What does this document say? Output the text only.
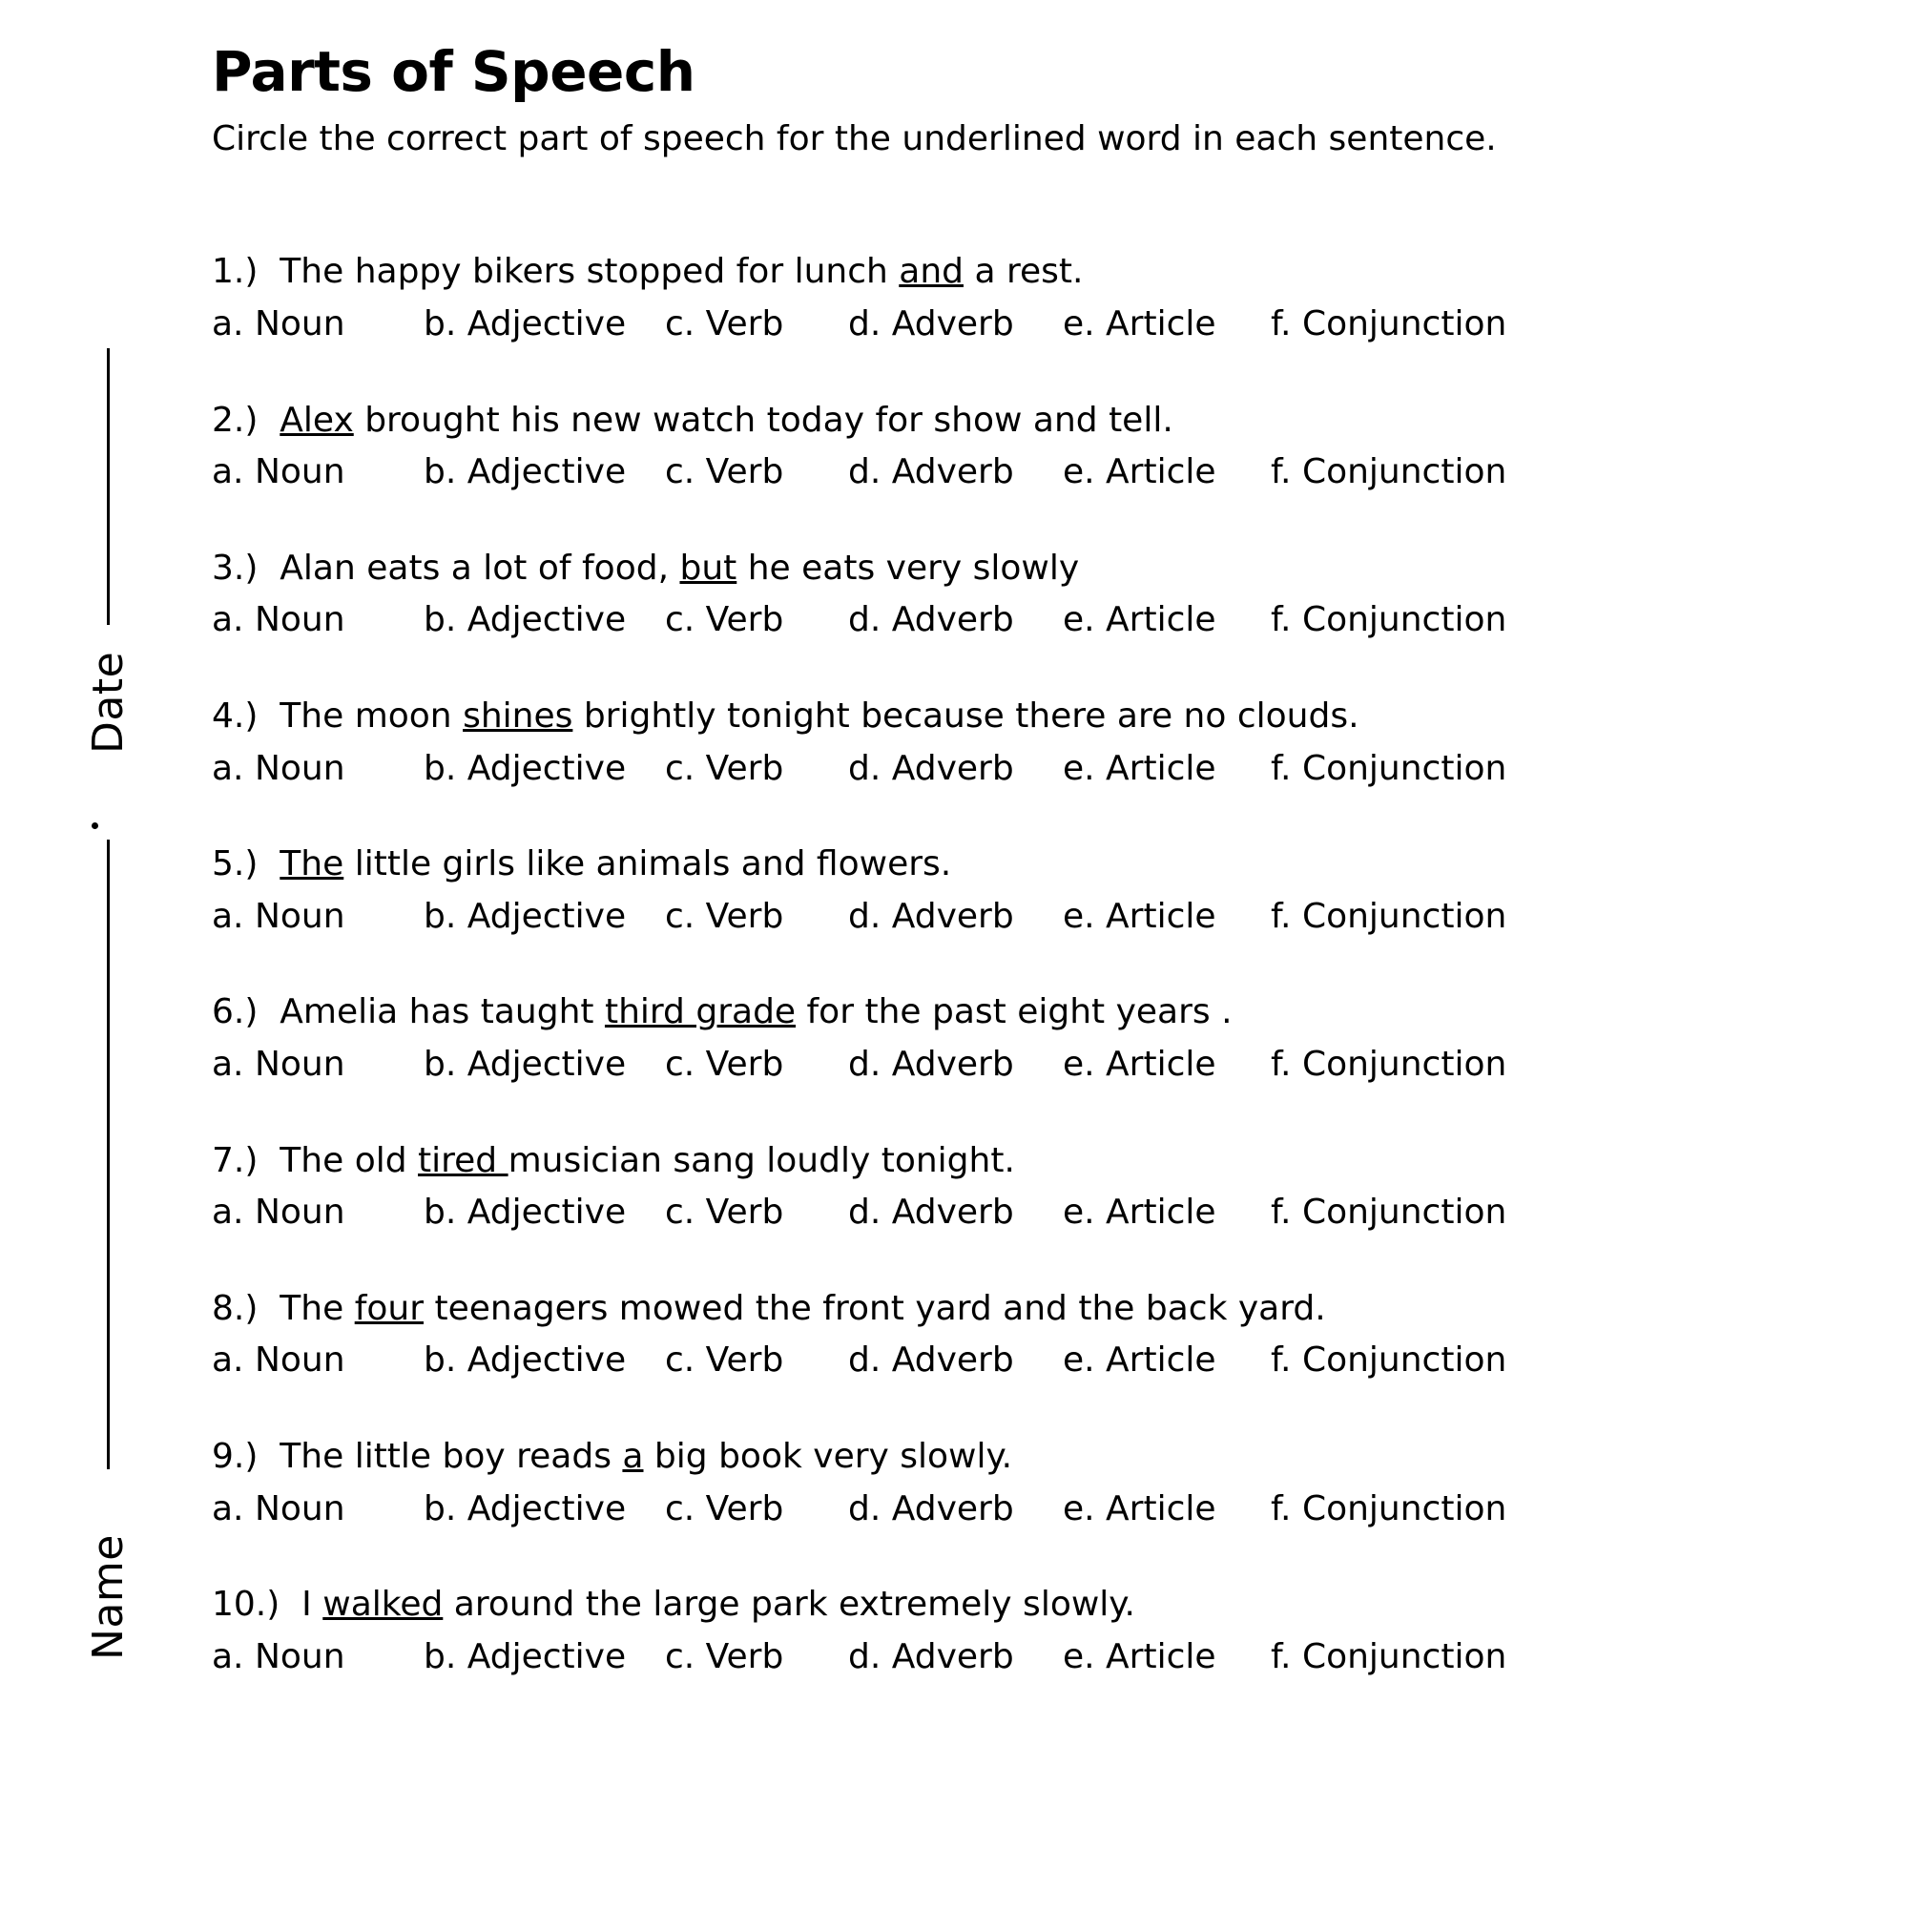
Date
Name
Parts of Speech

Circle the correct part of speech for the underlined word in each sentence.

1.)  The happy bikers stopped for lunch and a rest.
a. Noun	b. Adjective	c. Verb	d. Adverb	e. Article	f. Conjunction
2.) Alex brought his new watch today for show and tell.
a. Noun	b. Adjective	c. Verb	d. Adverb	e. Article	f. Conjunction
3.)  Alan eats a lot of food, but he eats very slowly
a. Noun	b. Adjective	c. Verb	d. Adverb	e. Article	f. Conjunction
4.)  The moon shines brightly tonight because there are no clouds.
a. Noun	b. Adjective	c. Verb	d. Adverb	e. Article	f. Conjunction
5.) The little girls like animals and flowers.
a. Noun	b. Adjective	c. Verb	d. Adverb	e. Article	f. Conjunction
6.)  Amelia has taught third grade for the past eight years .
a. Noun	b. Adjective	c. Verb	d. Adverb	e. Article	f. Conjunction
7.)  The old tired musician sang loudly tonight.
a. Noun	b. Adjective	c. Verb	d. Adverb	e. Article	f. Conjunction
8.)  The four teenagers mowed the front yard and the back yard.
a. Noun	b. Adjective	c. Verb	d. Adverb	e. Article	f. Conjunction
9.)  The little boy reads a big book very slowly.
a. Noun	b. Adjective	c. Verb	d. Adverb	e. Article	f. Conjunction
10.)  I walked around the large park extremely slowly.
a. Noun	b. Adjective	c. Verb	d. Adverb	e. Article	f. Conjunction
